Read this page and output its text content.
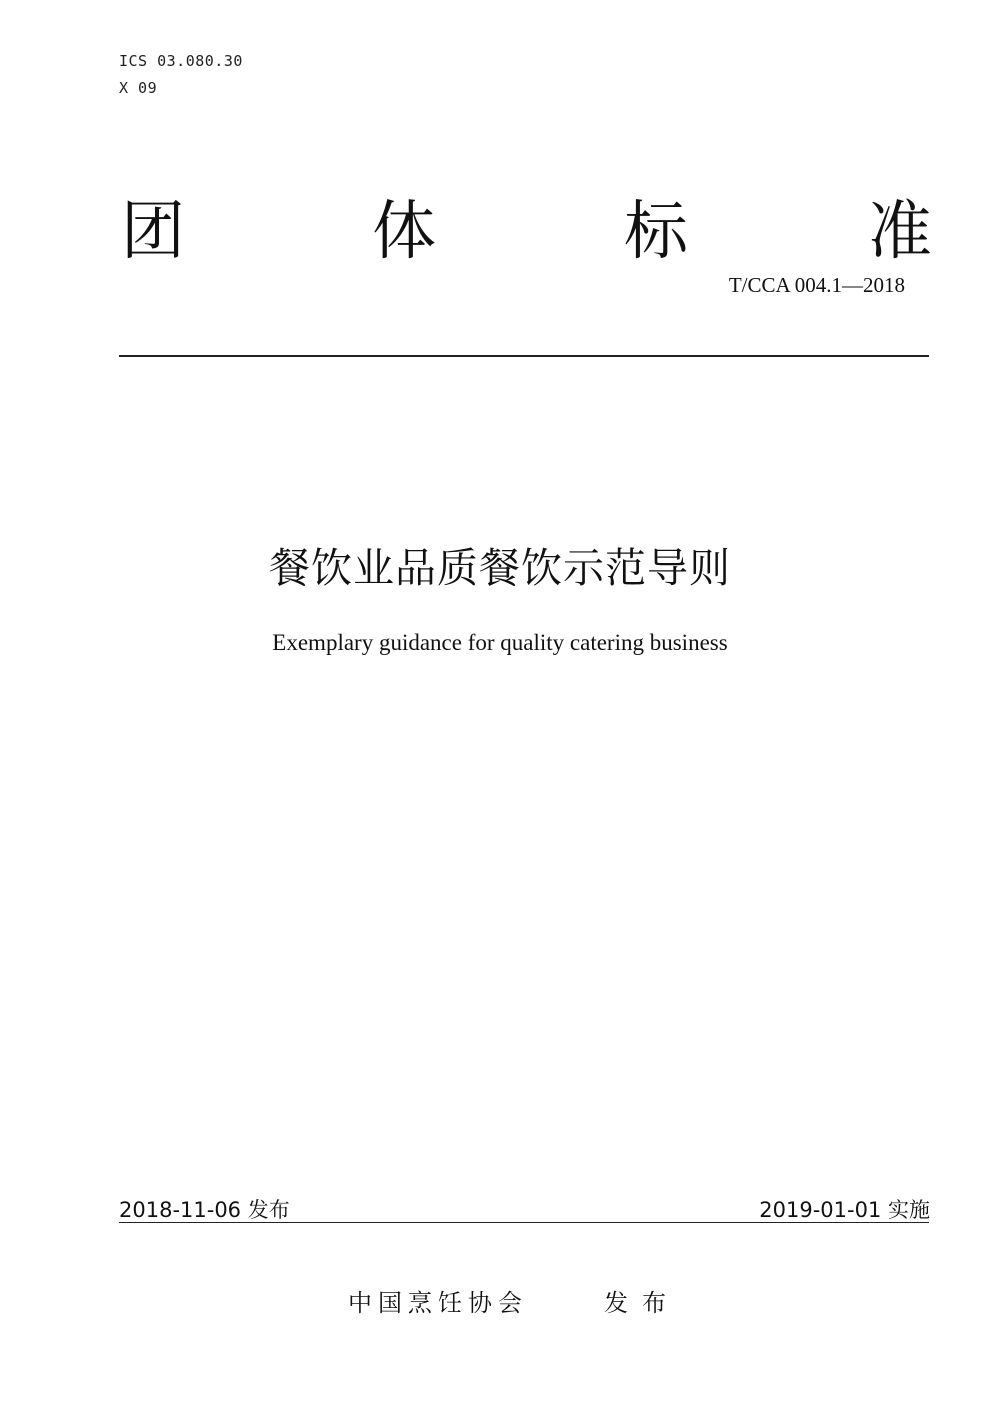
ICS 03.080.30
X 09
团	体	标	准
T/CCA 004.1—2018
餐饮业品质餐饮示范导则
Exemplary guidance for quality catering business
2018-11-06 发布	2019-01-01 实施
中国烹饪协会	发布
